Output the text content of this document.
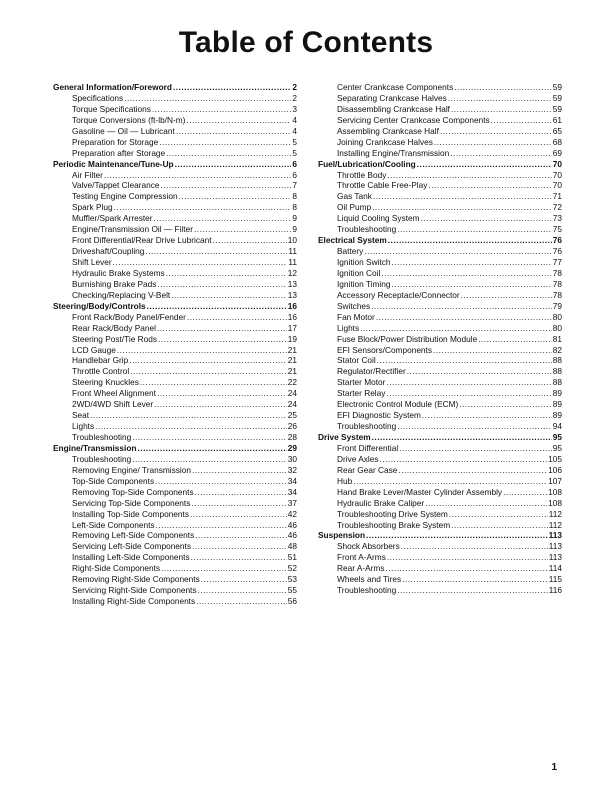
Table of Contents
General Information/Foreword .....	2
Specifications .....	2
Torque Specifications .....	3
Torque Conversions (ft-lb/N-m) .....	4
Gasoline — Oil — Lubricant .....	4
Preparation for Storage .....	5
Preparation after Storage .....	5
Periodic Maintenance/Tune-Up .....	6
Air Filter .....	6
Valve/Tappet Clearance .....	7
Testing Engine Compression .....	8
Spark Plug .....	8
Muffler/Spark Arrester .....	9
Engine/Transmission Oil — Filter .....	9
Front Differential/Rear Drive Lubricant .....	10
Driveshaft/Coupling .....	11
Shift Lever .....	11
Hydraulic Brake Systems .....	12
Burnishing Brake Pads .....	13
Checking/Replacing V-Belt .....	13
Steering/Body/Controls .....	16
Front Rack/Body Panel/Fender .....	16
Rear Rack/Body Panel .....	17
Steering Post/Tie Rods .....	19
LCD Gauge .....	21
Handlebar Grip .....	21
Throttle Control .....	21
Steering Knuckles .....	22
Front Wheel Alignment .....	24
2WD/4WD Shift Lever .....	24
Seat .....	25
Lights .....	26
Troubleshooting .....	28
Engine/Transmission .....	29
Troubleshooting .....	30
Removing Engine/ Transmission .....	32
Top-Side Components .....	34
Removing Top-Side Components .....	34
Servicing Top-Side Components .....	37
Installing Top-Side Components .....	42
Left-Side Components .....	46
Removing Left-Side Components .....	46
Servicing Left-Side Components .....	48
Installing Left-Side Components .....	51
Right-Side Components .....	52
Removing Right-Side Components .....	53
Servicing Right-Side Components .....	55
Installing Right-Side Components .....	56
Center Crankcase Components .....	59
Separating Crankcase Halves .....	59
Disassembling Crankcase Half .....	59
Servicing Center Crankcase Components .....	61
Assembling Crankcase Half .....	65
Joining Crankcase Halves .....	68
Installing Engine/Transmission .....	69
Fuel/Lubrication/Cooling .....	70
Throttle Body .....	70
Throttle Cable Free-Play .....	70
Gas Tank .....	71
Oil Pump .....	72
Liquid Cooling System .....	73
Troubleshooting .....	75
Electrical System .....	76
Battery .....	76
Ignition Switch .....	77
Ignition Coil .....	78
Ignition Timing .....	78
Accessory Receptacle/Connector .....	78
Switches .....	79
Fan Motor .....	80
Lights .....	80
Fuse Block/Power Distribution Module .....	81
EFI Sensors/Components .....	82
Stator Coil .....	88
Regulator/Rectifier .....	88
Starter Motor .....	88
Starter Relay .....	89
Electronic Control Module (ECM) .....	89
EFI Diagnostic System .....	89
Troubleshooting .....	94
Drive System .....	95
Front Differential .....	95
Drive Axles .....	105
Rear Gear Case .....	106
Hub .....	107
Hand Brake Lever/Master Cylinder Assembly .....	108
Hydraulic Brake Caliper .....	108
Troubleshooting Drive System .....	112
Troubleshooting Brake System .....	112
Suspension .....	113
Shock Absorbers .....	113
Front A-Arms .....	113
Rear A-Arms .....	114
Wheels and Tires .....	115
Troubleshooting .....	116
1
